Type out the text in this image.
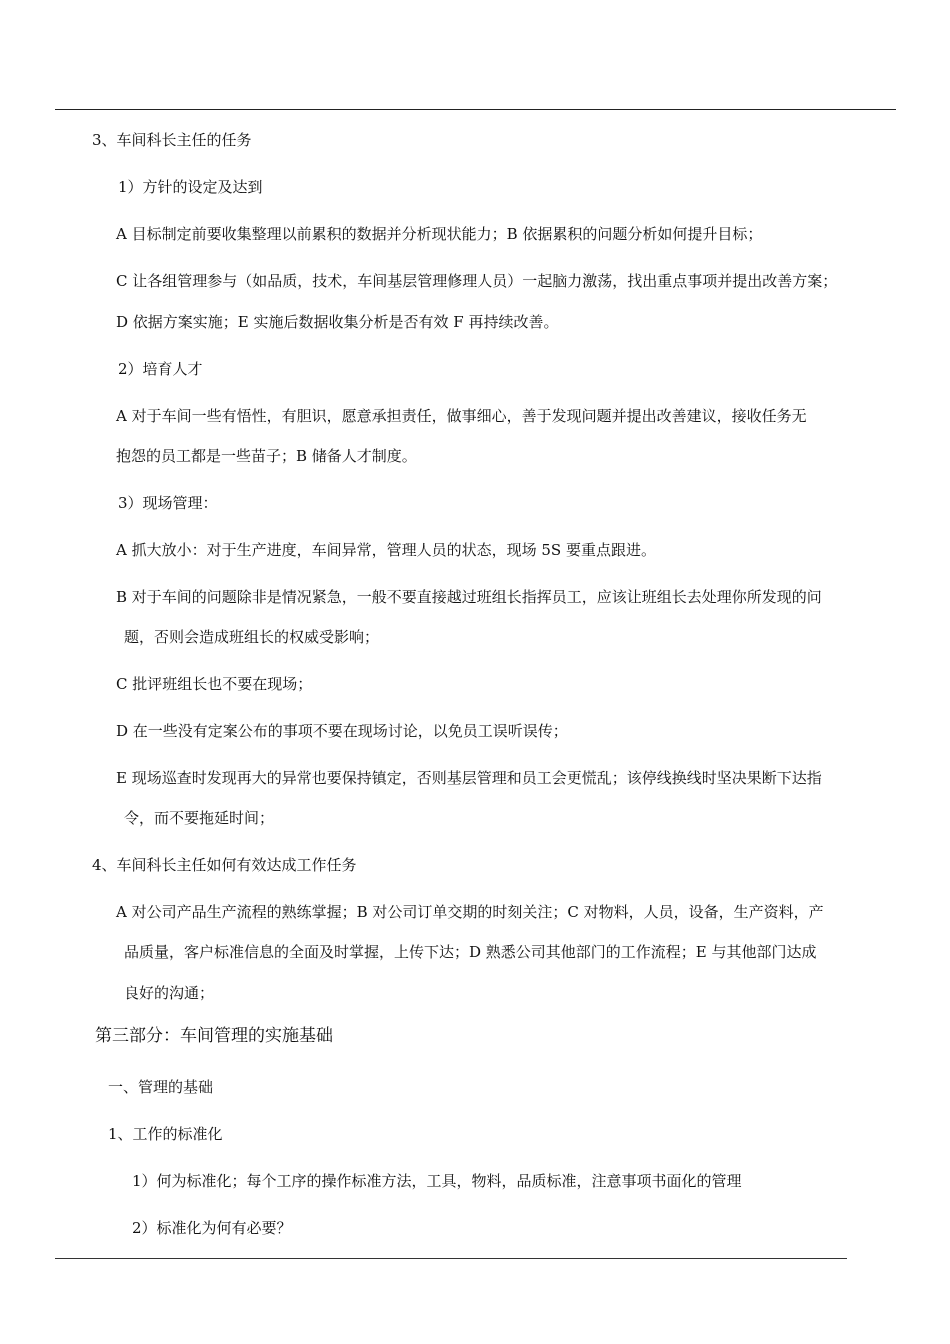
3、车间科长主任的任务
1）方针的设定及达到
A 目标制定前要收集整理以前累积的数据并分析现状能力；B 依据累积的问题分析如何提升目标；
C 让各组管理参与（如品质，技术，车间基层管理修理人员）一起脑力激荡，找出重点事项并提出改善方案；
D 依据方案实施；E 实施后数据收集分析是否有效 F 再持续改善。
2）培育人才
A 对于车间一些有悟性，有胆识，愿意承担责任，做事细心，善于发现问题并提出改善建议，接收任务无
抱怨的员工都是一些苗子；B 储备人才制度。
3）现场管理：
A 抓大放小：对于生产进度，车间异常，管理人员的状态，现场 5S 要重点跟进。
B 对于车间的问题除非是情况紧急，一般不要直接越过班组长指挥员工，应该让班组长去处理你所发现的问
题，否则会造成班组长的权威受影响；
C 批评班组长也不要在现场；
D 在一些没有定案公布的事项不要在现场讨论，以免员工误听误传；
E 现场巡查时发现再大的异常也要保持镇定，否则基层管理和员工会更慌乱；该停线换线时坚决果断下达指
令，而不要拖延时间；
4、车间科长主任如何有效达成工作任务
A 对公司产品生产流程的熟练掌握；B 对公司订单交期的时刻关注；C 对物料，人员，设备，生产资料，产
品质量，客户标准信息的全面及时掌握，上传下达；D 熟悉公司其他部门的工作流程；E 与其他部门达成
良好的沟通；
第三部分：车间管理的实施基础
一、管理的基础
1、工作的标准化
1）何为标准化；每个工序的操作标准方法，工具，物料，品质标准，注意事项书面化的管理
2）标准化为何有必要？
